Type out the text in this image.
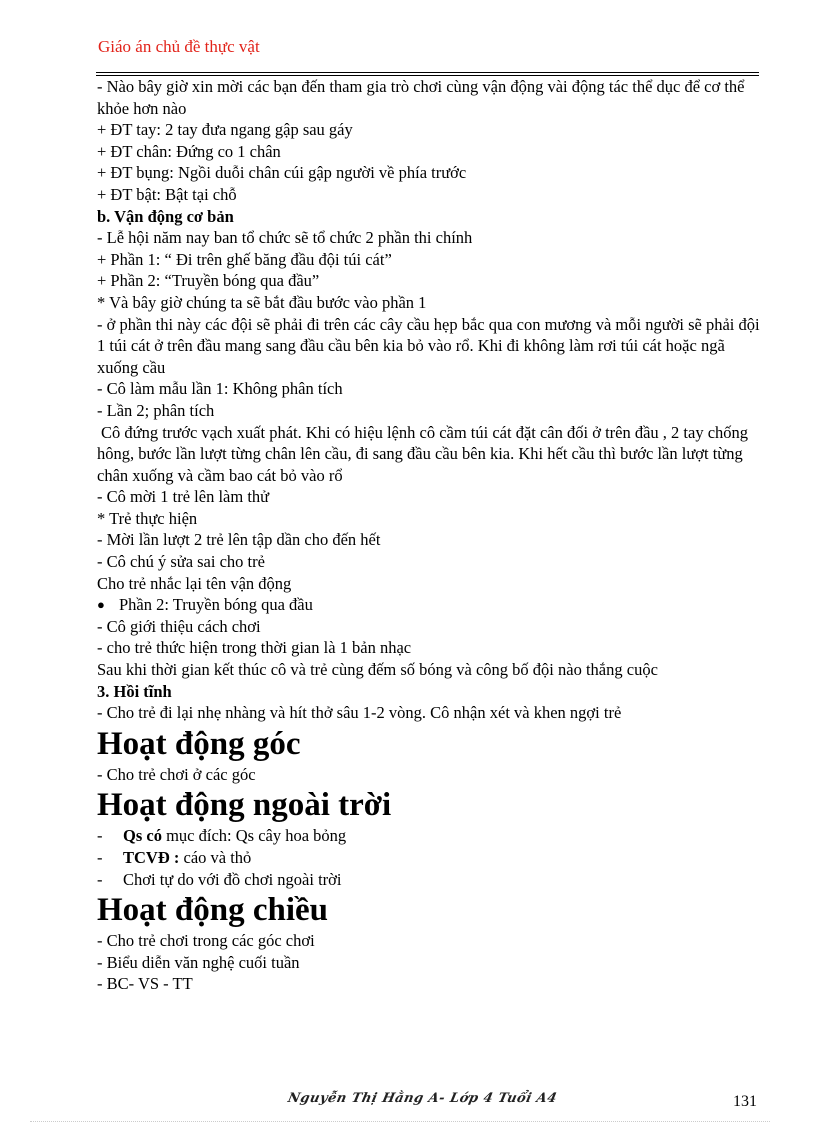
Giáo án chủ đề thực vật

- Nào bây giờ xin mời các bạn đến tham gia trò chơi cùng vận động vài động tác thể dục để cơ thể khỏe hơn nào

+ ĐT tay: 2 tay đưa ngang gập sau gáy

+ ĐT chân: Đứng co 1 chân

+ ĐT bụng: Ngồi duỗi chân cúi gập người về phía trước

+ ĐT bật: Bật tại chỗ

b. Vận động cơ bản

- Lễ hội năm nay ban tổ chức sẽ tổ chức 2 phần thi chính

+ Phần 1: “ Đi trên ghế băng đầu đội túi cát”

+ Phần 2: “Truyền bóng qua đầu”

* Và bây giờ chúng ta sẽ bắt đầu bước vào phần 1

- ở phần thi này các đội sẽ phải đi trên các cây cầu hẹp bắc qua con mương và mỗi người sẽ phải đội 1 túi cát ở trên đầu mang sang đầu cầu bên kia bỏ vào rổ. Khi đi không làm rơi túi cát hoặc ngã xuống cầu

- Cô làm mẫu lần 1: Không phân tích

- Lần 2; phân tích

Cô đứng trước vạch xuất phát. Khi có hiệu lệnh cô cầm túi cát đặt cân đối ở trên đầu , 2 tay chống hông, bước lần lượt từng chân lên cầu, đi sang đầu cầu bên kia. Khi hết cầu thì bước lần lượt từng chân xuống và cầm bao cát bỏ vào rổ

- Cô mời 1 trẻ lên làm thử

* Trẻ thực hiện

- Mời lần lượt 2 trẻ lên tập dần cho đến hết

- Cô chú ý sửa sai cho trẻ

Cho trẻ nhắc lại tên vận động

● Phần 2: Truyền bóng qua đầu

- Cô giới thiệu cách chơi

- cho trẻ thức hiện trong thời gian là 1 bản nhạc

Sau khi thời gian kết thúc cô và trẻ cùng đếm số bóng và công bố đội nào thắng cuộc

3. Hồi tĩnh

- Cho trẻ đi lại nhẹ nhàng và hít thở sâu 1-2 vòng. Cô nhận xét và khen ngợi trẻ

Hoạt động góc

- Cho trẻ chơi ở các góc

Hoạt động ngoài trời

- Qs có mục đích: Qs cây hoa bỏng

- TCVĐ : cáo và thỏ

- Chơi tự do với đồ chơi ngoài trời

Hoạt động chiều

- Cho trẻ chơi trong các góc chơi

- Biểu diễn văn nghệ cuối tuần

- BC- VS - TT

Nguyễn Thị Hằng A- Lớp 4 Tuổi A4	131
